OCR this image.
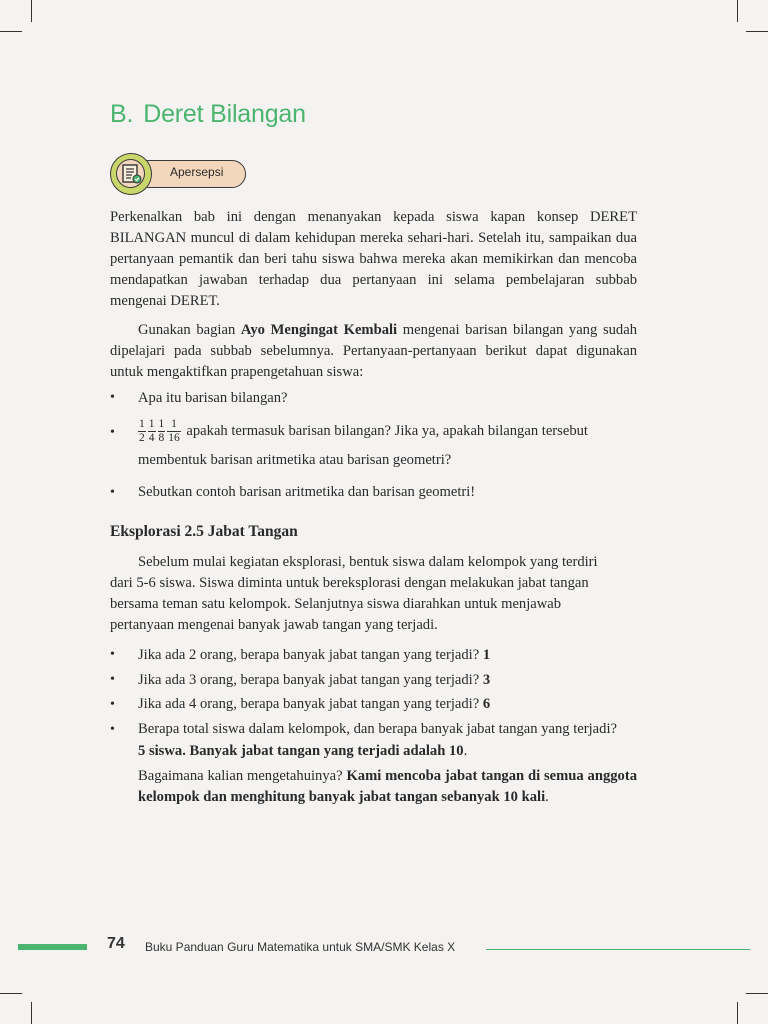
B. Deret Bilangan
Apersepsi
Perkenalkan bab ini dengan menanyakan kepada siswa kapan konsep DERET BILANGAN muncul di dalam kehidupan mereka sehari-hari. Setelah itu, sampaikan dua pertanyaan pemantik dan beri tahu siswa bahwa mereka akan memikirkan dan mencoba mendapatkan jawaban terhadap dua pertanyaan ini selama pembelajaran subbab mengenai DERET.
Gunakan bagian Ayo Mengingat Kembali mengenai barisan bilangan yang sudah dipelajari pada subbab sebelumnya. Pertanyaan-pertanyaan berikut dapat digunakan untuk mengaktifkan prapengetahuan siswa:
• Apa itu barisan bilangan?
• $\frac{1}{2} \frac{1}{4} \frac{1}{8} \frac{1}{16}$ apakah termasuk barisan bilangan? Jika ya, apakah bilangan tersebut
membentuk barisan aritmetika atau barisan geometri?
• Sebutkan contoh barisan aritmetika dan barisan geometri!
Eksplorasi 2.5 Jabat Tangan
Sebelum mulai kegiatan eksplorasi, bentuk siswa dalam kelompok yang terdiri
dari 5-6 siswa. Siswa diminta untuk bereksplorasi dengan melakukan jabat tangan
bersama teman satu kelompok. Selanjutnya siswa diarahkan untuk menjawab
pertanyaan mengenai banyak jawab tangan yang terjadi.
• Jika ada 2 orang, berapa banyak jabat tangan yang terjadi? 1
• Jika ada 3 orang, berapa banyak jabat tangan yang terjadi? 3
• Jika ada 4 orang, berapa banyak jabat tangan yang terjadi? 6
• Berapa total siswa dalam kelompok, dan berapa banyak jabat tangan yang terjadi?
5 siswa. Banyak jabat tangan yang terjadi adalah 10.
Bagaimana kalian mengetahuinya? Kami mencoba jabat tangan di semua anggota kelompok dan menghitung banyak jabat tangan sebanyak 10 kali.
74 Buku Panduan Guru Matematika untuk SMA/SMK Kelas X
